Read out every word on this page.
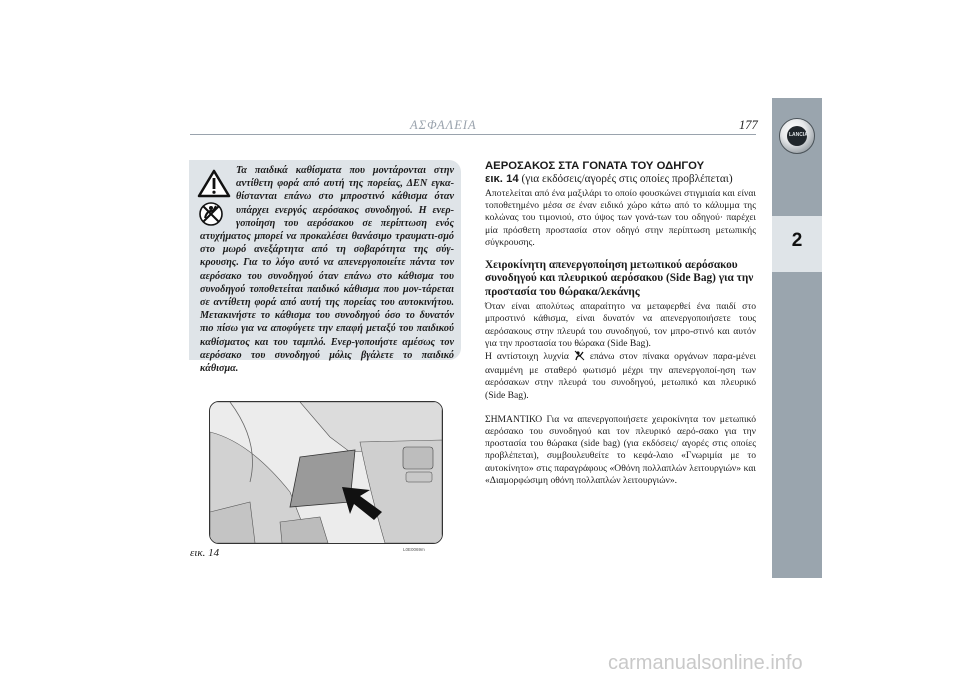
ΑΣΦΑΛΕΙΑ	177
LANCIA
2
Τα παιδικά καθίσματα που μοντάρονται στην αντίθετη φορά από αυτή της πορείας, ΔΕΝ εγκα-θίστανται επάνω στο μπροστινό κάθισμα όταν υπάρχει ενεργός αερόσακος συνοδηγού. Η ενερ-γοποίηση του αερόσακου σε περίπτωση ενός ατυχήματος μπορεί να προκαλέσει θανάσιμο τραυματι-σμό στο μωρό ανεξάρτητα από τη σοβαρότητα της σύγ-κρουσης. Για το λόγο αυτό να απενεργοποιείτε πάντα τον αερόσακο του συνοδηγού όταν επάνω στο κάθισμα του συνοδηγού τοποθετείται παιδικό κάθισμα που μον-τάρεται σε αντίθετη φορά από αυτή της πορείας του αυτοκινήτου. Μετακινήστε το κάθισμα του συνοδηγού όσο το δυνατόν πιο πίσω για να αποφύγετε την επαφή μεταξύ του παιδικού καθίσματος και του ταμπλό. Ενερ-γοποιήστε αμέσως τον αερόσακο του συνοδηγού μόλις βγάλετε το παιδικό κάθισμα.
εικ. 14	L0E0069m

ΑΕΡΟΣΑΚΟΣ ΣΤΑ ΓΟΝΑΤΑ ΤΟΥ ΟΔΗΓΟΥ

εικ. 14 (για εκδόσεις/αγορές στις οποίες προβλέπεται)

Αποτελείται από ένα μαξιλάρι το οποίο φουσκώνει στιγμιαία και είναι τοποθετημένο μέσα σε έναν ειδικό χώρο κάτω από το κάλυμμα της κολώνας του τιμονιού, στο ύψος των γονά-των του οδηγού· παρέχει μία πρόσθετη προστασία στον οδηγό στην περίπτωση μετωπικής σύγκρουσης.

Χειροκίνητη απενεργοποίηση μετωπικού αερόσακου συνοδηγού και πλευρικού αερόσακου (Side Bag) για την προστασία του θώρακα/λεκάνης

Όταν είναι απολύτως απαραίτητο να μεταφερθεί ένα παιδί στο μπροστινό κάθισμα, είναι δυνατόν να απενεργοποιήσετε τους αερόσακους στην πλευρά του συνοδηγού, τον μπρο-στινό και αυτόν για την προστασία του θώρακα (Side Bag).

Η αντίστοιχη λυχνία  επάνω στον πίνακα οργάνων παρα-μένει αναμμένη με σταθερό φωτισμό μέχρι την απενεργοποί-ηση των αερόσακων στην πλευρά του συνοδηγού, μετωπικό και πλευρικό (Side Bag).

ΣΗΜΑΝΤΙΚΟ Για να απενεργοποιήσετε χειροκίνητα τον μετωπικό αερόσακο του συνοδηγού και τον πλευρικό αερό-σακο για την προστασία του θώρακα (side bag) (για εκδόσεις/ αγορές στις οποίες προβλέπεται), συμβουλευθείτε το κεφά-λαιο «Γνωριμία με το αυτοκίνητο» στις παραγράφους «Οθόνη πολλαπλών λειτουργιών» και «Διαμορφώσιμη οθόνη πολλαπλών λειτουργιών».

carmanualsonline.info
